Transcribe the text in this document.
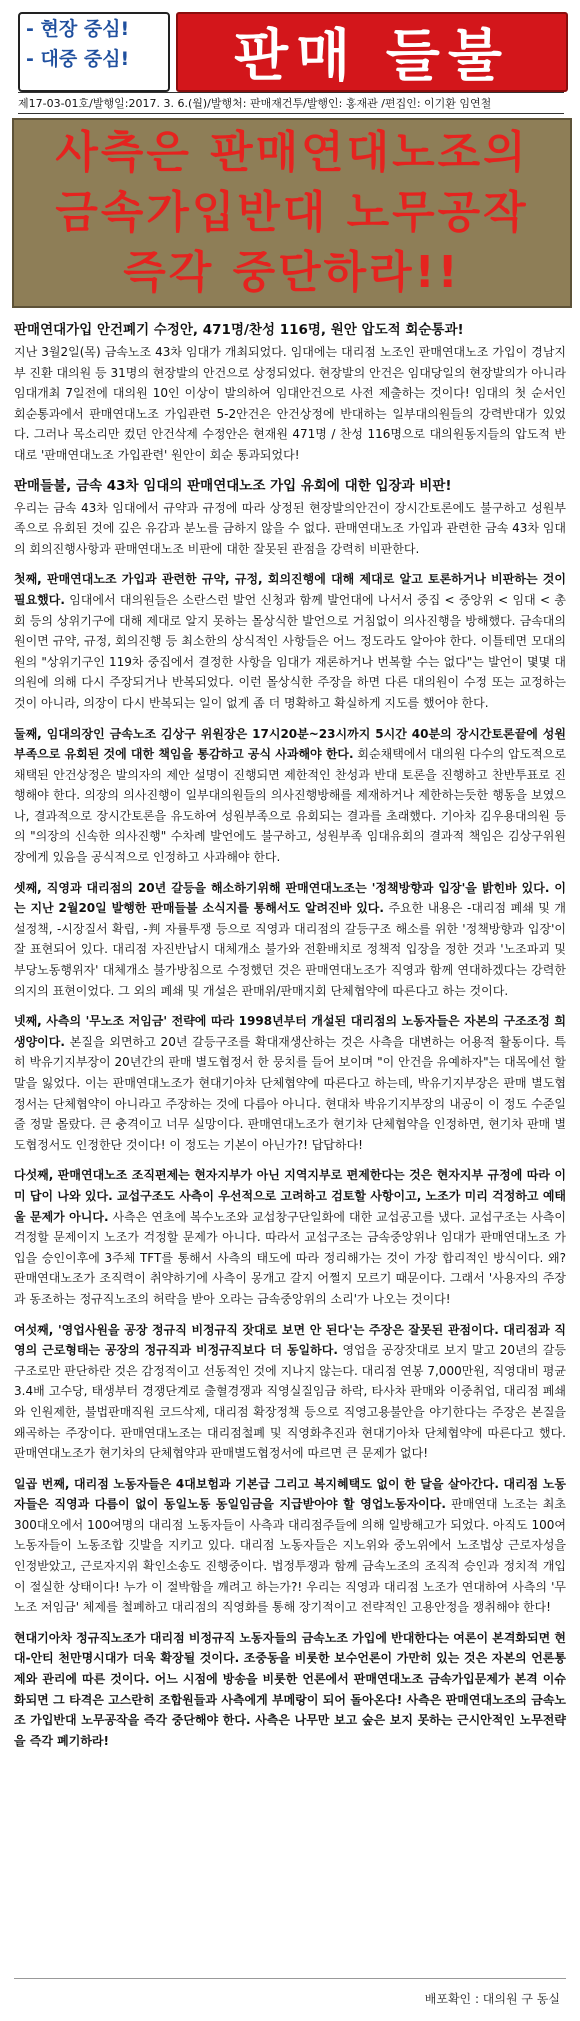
- 현장 중심!
- 대중 중심!	판매 들불
제17-03-01호/발행일:2017. 3. 6.(월)/발행처: 판매재건투/발행인: 홍재관 /편집인: 이기환 임연철
사측은 판매연대노조의
금속가입반대 노무공작
즉각 중단하라!!
판매연대가입 안건폐기 수정안, 471명/찬성 116명, 원안 압도적 회순통과!

지난 3월2일(목) 금속노조 43차 임대가 개최되었다. 임대에는 대리점 노조인 판매연대노조 가입이 경남지부 진환 대의원 등 31명의 현장발의 안건으로 상정되었다. 현장발의 안건은 임대당일의 현장발의가 아니라 임대개최 7일전에 대의원 10인 이상이 발의하여 임대안건으로 사전 제출하는 것이다! 임대의 첫 순서인 회순통과에서 판매연대노조 가입관련 5-2안건은 안건상정에 반대하는 일부대의원들의 강력반대가 있었다. 그러나 목소리만 컸던 안건삭제 수정안은 현재원 471명 / 찬성 116명으로 대의원동지들의 압도적 반대로 '판매연대노조 가입관련' 원안이 회순 통과되었다!

판매들불, 금속 43차 임대의 판매연대노조 가입 유회에 대한 입장과 비판!

우리는 금속 43차 임대에서 규약과 규정에 따라 상정된 현장발의안건이 장시간토론에도 불구하고 성원부족으로 유회된 것에 깊은 유감과 분노를 금하지 않을 수 없다. 판매연대노조 가입과 관련한 금속 43차 임대의 회의진행사항과 판매연대노조 비판에 대한 잘못된 관점을 강력히 비판한다.

첫째, 판매연대노조 가입과 관련한 규약, 규정, 회의진행에 대해 제대로 알고 토론하거나 비판하는 것이 필요했다. 임대에서 대의원들은 소란스런 발언 신청과 함께 발언대에 나서서 중집 < 중앙위 < 임대 < 총회 등의 상위기구에 대해 제대로 알지 못하는 몰상식한 발언으로 거침없이 의사진행을 방해했다. 금속대의원이면 규약, 규정, 회의진행 등 최소한의 상식적인 사항들은 어느 정도라도 알아야 한다. 이틀테면 모대의원의 "상위기구인 119차 중집에서 결정한 사항을 임대가 재론하거나 번복할 수는 없다"는 발언이 몇몇 대의원에 의해 다시 주장되거나 반복되었다. 이런 몰상식한 주장을 하면 다른 대의원이 수정 또는 교정하는 것이 아니라, 의장이 다시 반복되는 일이 없게 좀 더 명확하고 확실하게 지도를 했어야 한다.

둘째, 임대의장인 금속노조 김상구 위원장은 17시20분~23시까지 5시간 40분의 장시간토론끝에 성원부족으로 유회된 것에 대한 책임을 통감하고 공식 사과해야 한다. 회순채택에서 대의원 다수의 압도적으로 채택된 안건상정은 발의자의 제안 설명이 진행되면 제한적인 찬성과 반대 토론을 진행하고 찬반투표로 진행해야 한다. 의장의 의사진행이 일부대의원들의 의사진행방해를 제재하거나 제한하는듯한 행동을 보였으나, 결과적으로 장시간토론을 유도하여 성원부족으로 유회되는 결과를 초래했다. 기아차 김우용대의원 등의 "의장의 신속한 의사진행" 수차례 발언에도 불구하고, 성원부족 임대유회의 결과적 책임은 김상구위원장에게 있음을 공식적으로 인정하고 사과해야 한다.

셋째, 직영과 대리점의 20년 갈등을 해소하기위해 판매연대노조는 '정책방향과 입장'을 밝힌바 있다. 이는 지난 2월20일 발행한 판매들불 소식지를 통해서도 알려진바 있다. 주요한 내용은 -대리점 폐쇄 및 개설정책, -시장질서 확립, -判 자률투쟁 등으로 직영과 대리점의 갈등구조 해소를 위한 '정책방향과 입장'이 잘 표현되어 있다. 대리점 자진반납시 대체개소 불가와 전환배치로 정책적 입장을 정한 것과 '노조파괴 및 부당노동행위자' 대체개소 불가방침으로 수정했던 것은 판매연대노조가 직영과 함께 연대하겠다는 강력한 의지의 표현이었다. 그 외의 폐쇄 및 개설은 판매위/판매지회 단체협약에 따른다고 하는 것이다.

넷째, 사측의 '무노조 저임금' 전략에 따라 1998년부터 개설된 대리점의 노동자들은 자본의 구조조정 희생양이다. 본질을 외면하고 20년 갈등구조를 확대재생산하는 것은 사측을 대변하는 어용적 활동이다. 특히 박유기지부장이 20년간의 판매 별도협정서 한 뭉치를 들어 보이며 "이 안건을 유예하자"는 대목에선 할 말을 잃었다. 이는 판매연대노조가 현대기아차 단체협약에 따른다고 하는데, 박유기지부장은 판매 별도협정서는 단체협약이 아니라고 주장하는 것에 다름아 아니다. 현대차 박유기지부장의 내공이 이 정도 수준일줄 정말 몰랐다. 큰 충격이고 너무 실망이다. 판매연대노조가 현기차 단체협약을 인정하면, 현기차 판매 별도협정서도 인정한단 것이다! 이 정도는 기본이 아닌가?! 답답하다!

다섯째, 판매연대노조 조직편제는 현자지부가 아닌 지역지부로 편제한다는 것은 현자지부 규정에 따라 이미 답이 나와 있다. 교섭구조도 사측이 우선적으로 고려하고 검토할 사항이고, 노조가 미리 걱정하고 예태울 문제가 아니다. 사측은 연초에 복수노조와 교섭창구단일화에 대한 교섭공고를 냈다. 교섭구조는 사측이 걱정할 문제이지 노조가 걱정할 문제가 아니다. 따라서 교섭구조는 금속중앙위나 임대가 판매연대노조 가입을 승인이후에 3주체 TFT를 통해서 사측의 태도에 따라 정리해가는 것이 가장 합리적인 방식이다. 왜? 판매연대노조가 조직력이 취약하기에 사측이 몽개고 갈지 어쩔지 모르기 때문이다. 그래서 '사용자의 주장과 동조하는 정규직노조의 허락을 받아 오라는 금속중앙위의 소리'가 나오는 것이다!

여섯째, '영업사원을 공장 정규직 비정규직 잣대로 보면 안 된다'는 주장은 잘못된 관점이다. 대리점과 직영의 근로형태는 공장의 정규직과 비정규직보다 더 동일하다. 영업을 공장잣대로 보지 말고 20년의 갈등구조로만 판단하란 것은 감정적이고 선동적인 것에 지나지 않는다. 대리점 연봉 7,000만원, 직영대비 평균3.4배 고수당, 태생부터 경쟁단계로 출혈경쟁과 직영실질임금 하락, 타사차 판매와 이중취업, 대리점 폐쇄와 인원제한, 불법판매직원 코드삭제, 대리점 확장정책 등으로 직영고용불안을 야기한다는 주장은 본질을 왜곡하는 주장이다. 판매연대노조는 대리점철폐 및 직영화추진과 현대기아차 단체협약에 따른다고 했다. 판매연대노조가 현기차의 단체협약과 판매별도협정서에 따르면 큰 문제가 없다!

일곱 번째, 대리점 노동자들은 4대보험과 기본급 그리고 복지혜택도 없이 한 달을 살아간다. 대리점 노동자들은 직영과 다름이 없이 동일노동 동일임금을 지급받아야 할 영업노동자이다. 판매연대 노조는 최초 300대오에서 100여명의 대리점 노동자들이 사측과 대리점주들에 의해 일방해고가 되었다. 아직도 100여 노동자들이 노동조합 깃발을 지키고 있다. 대리점 노동자들은 지노위와 중노위에서 노조법상 근로자성을 인정받았고, 근로자지위 확인소송도 진행중이다. 법정투쟁과 함께 금속노조의 조직적 승인과 정치적 개입이 절실한 상태이다! 누가 이 절박함을 깨려고 하는가?! 우리는 직영과 대리점 노조가 연대하여 사측의 '무노조 저임금' 체제를 철폐하고 대리점의 직영화를 통해 장기적이고 전략적인 고용안정을 쟁취해야 한다!

현대기아차 정규직노조가 대리점 비정규직 노동자들의 금속노조 가입에 반대한다는 여론이 본격화되면 현대-안티 천만명시대가 더욱 확장될 것이다. 조중동을 비롯한 보수언론이 가만히 있는 것은 자본의 언론통제와 관리에 따른 것이다. 어느 시점에 방송을 비롯한 언론에서 판매연대노조 금속가입문제가 본격 이슈화되면 그 타격은 고스란히 조합원들과 사측에게 부메랑이 되어 돌아온다! 사측은 판매연대노조의 금속노조 가입반대 노무공작을 즉각 중단해야 한다. 사측은 나무만 보고 숲은 보지 못하는 근시안적인 노무전략을 즉각 폐기하라!

배포확인 : 대의원 구 동실
